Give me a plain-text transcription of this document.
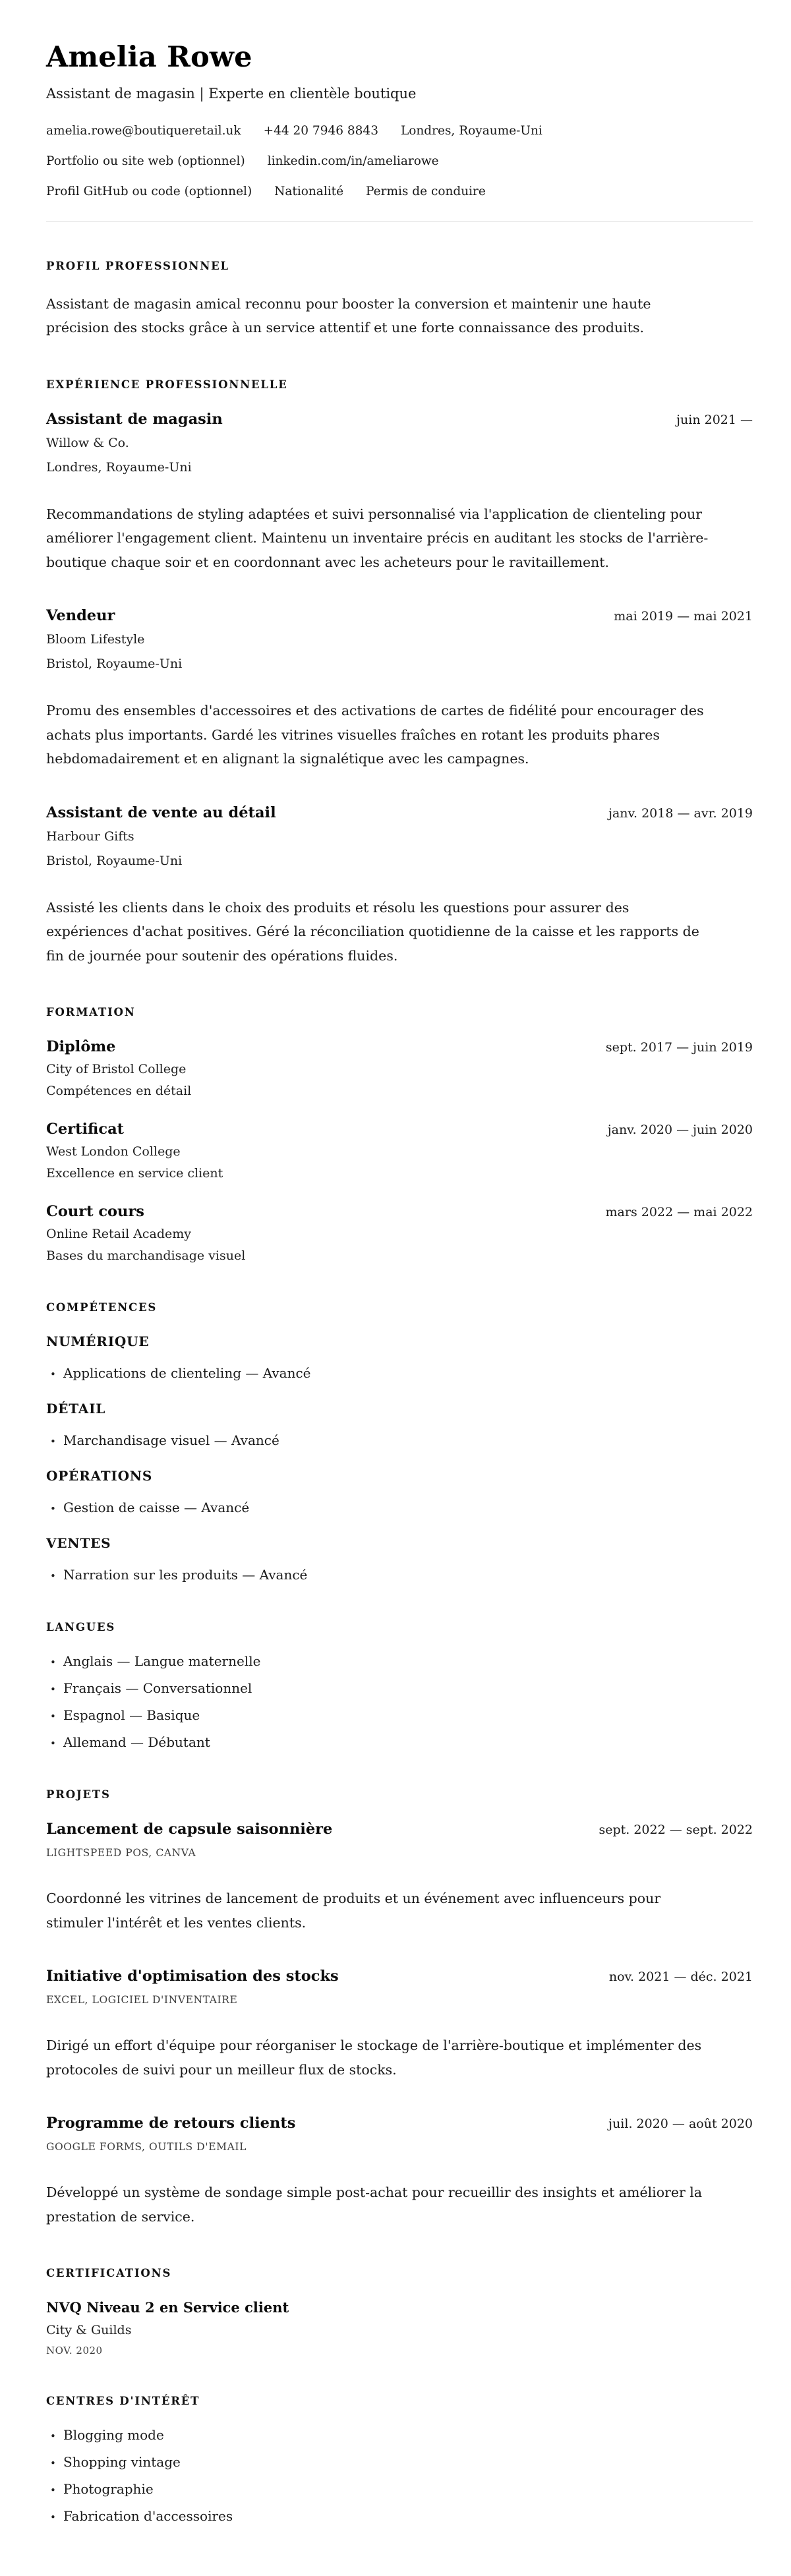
Amelia Rowe

Assistant de magasin | Experte en clientèle boutique

amelia.rowe@boutiqueretail.uk +44 20 7946 8843 Londres, Royaume-Uni
Portfolio ou site web (optionnel) linkedin.com/in/ameliarowe
Profil GitHub ou code (optionnel) Nationalité Permis de conduire
PROFIL PROFESSIONNEL

Assistant de magasin amical reconnu pour booster la conversion et maintenir une haute précision des stocks grâce à un service attentif et une forte connaissance des produits.

EXPÉRIENCE PROFESSIONNELLE
Assistant de magasin	juin 2021 —
Willow & Co.
Londres, Royaume-Uni

Recommandations de styling adaptées et suivi personnalisé via l'application de clienteling pour améliorer l'engagement client. Maintenu un inventaire précis en auditant les stocks de l'arrière-boutique chaque soir et en coordonnant avec les acheteurs pour le ravitaillement.

Vendeur	mai 2019 — mai 2021
Bloom Lifestyle
Bristol, Royaume-Uni

Promu des ensembles d'accessoires et des activations de cartes de fidélité pour encourager des achats plus importants. Gardé les vitrines visuelles fraîches en rotant les produits phares hebdomadairement et en alignant la signalétique avec les campagnes.

Assistant de vente au détail	janv. 2018 — avr. 2019
Harbour Gifts
Bristol, Royaume-Uni

Assisté les clients dans le choix des produits et résolu les questions pour assurer des expériences d'achat positives. Géré la réconciliation quotidienne de la caisse et les rapports de fin de journée pour soutenir des opérations fluides.

FORMATION
Diplôme	sept. 2017 — juin 2019
City of Bristol College
Compétences en détail
Certificat	janv. 2020 — juin 2020
West London College
Excellence en service client
Court cours	mars 2022 — mai 2022
Online Retail Academy
Bases du marchandisage visuel
COMPÉTENCES
NUMÉRIQUE
•
Applications de clienteling — Avancé
DÉTAIL
•
Marchandisage visuel — Avancé
OPÉRATIONS
•
Gestion de caisse — Avancé
VENTES
•
Narration sur les produits — Avancé
LANGUES
•
Anglais — Langue maternelle
•
Français — Conversationnel
•
Espagnol — Basique
•
Allemand — Débutant
PROJETS
Lancement de capsule saisonnière	sept. 2022 — sept. 2022
LIGHTSPEED POS, CANVA

Coordonné les vitrines de lancement de produits et un événement avec influenceurs pour stimuler l'intérêt et les ventes clients.

Initiative d'optimisation des stocks	nov. 2021 — déc. 2021
EXCEL, LOGICIEL D'INVENTAIRE

Dirigé un effort d'équipe pour réorganiser le stockage de l'arrière-boutique et implémenter des protocoles de suivi pour un meilleur flux de stocks.

Programme de retours clients	juil. 2020 — août 2020
GOOGLE FORMS, OUTILS D'EMAIL

Développé un système de sondage simple post-achat pour recueillir des insights et améliorer la prestation de service.

CERTIFICATIONS
NVQ Niveau 2 en Service client
City & Guilds
NOV. 2020
CENTRES D'INTÉRÊT
•
Blogging mode
•
Shopping vintage
•
Photographie
•
Fabrication d'accessoires
